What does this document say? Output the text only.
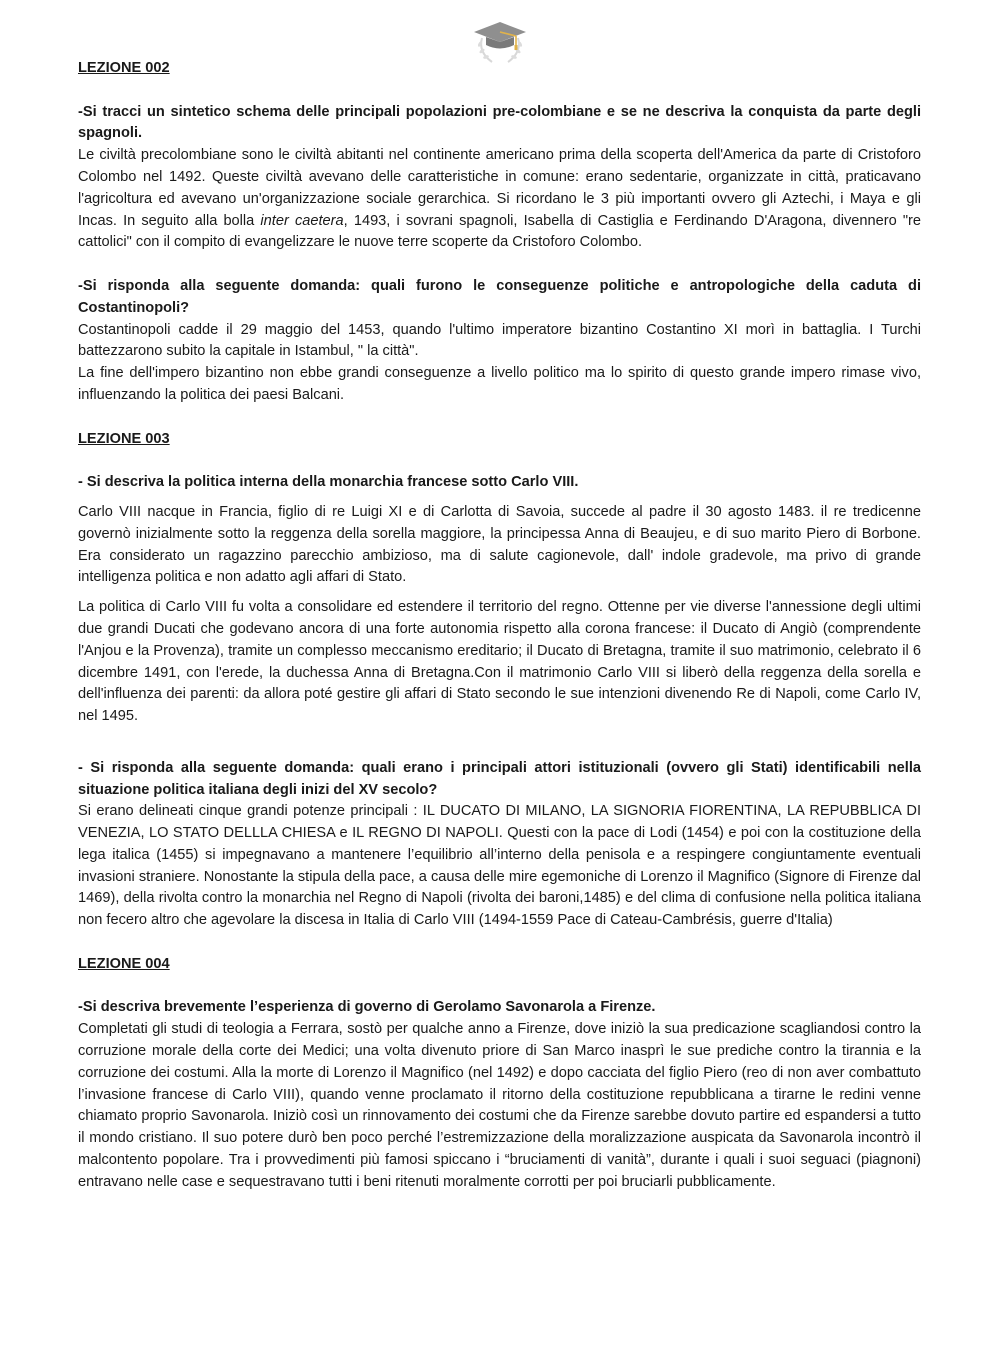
LEZIONE 002

-Si tracci un sintetico schema delle principali popolazioni pre-colombiane e se ne descriva la conquista da parte degli spagnoli.

Le civiltà precolombiane sono le civiltà abitanti nel continente americano prima della scoperta dell'America da parte di Cristoforo Colombo nel 1492. Queste civiltà avevano delle caratteristiche in comune: erano sedentarie, organizzate in città, praticavano l'agricoltura ed avevano un'organizzazione sociale gerarchica. Si ricordano le 3 più importanti ovvero gli Aztechi, i Maya e gli Incas. In seguito alla bolla inter caetera, 1493, i sovrani spagnoli, Isabella di Castiglia e Ferdinando D'Aragona, divennero "re cattolici" con il compito di evangelizzare le nuove terre scoperte da Cristoforo Colombo.

-Si risponda alla seguente domanda: quali furono le conseguenze politiche e antropologiche della caduta di Costantinopoli?

Costantinopoli cadde il 29 maggio del 1453, quando l'ultimo imperatore bizantino Costantino XI morì in battaglia. I Turchi battezzarono subito la capitale in Istambul, " la città".

La fine dell'impero bizantino non ebbe grandi conseguenze a livello politico ma lo spirito di questo grande impero rimase vivo, influenzando la politica dei paesi Balcani.

LEZIONE 003

- Si descriva la politica interna della monarchia francese sotto Carlo VIII.

Carlo VIII nacque in Francia, figlio di re Luigi XI e di Carlotta di Savoia, succede al padre il 30 agosto 1483. il re tredicenne governò inizialmente sotto la reggenza della sorella maggiore, la principessa Anna di Beaujeu, e di suo marito Piero di Borbone. Era considerato un ragazzino parecchio ambizioso, ma di salute cagionevole, dall' indole gradevole, ma privo di grande intelligenza politica e non adatto agli affari di Stato.

La politica di Carlo VIII fu volta a consolidare ed estendere il territorio del regno. Ottenne per vie diverse l'annessione degli ultimi due grandi Ducati che godevano ancora di una forte autonomia rispetto alla corona francese: il Ducato di Angiò (comprendente l'Anjou e la Provenza), tramite un complesso meccanismo ereditario; il Ducato di Bretagna, tramite il suo matrimonio, celebrato il 6 dicembre 1491, con l'erede, la duchessa Anna di Bretagna.Con il matrimonio Carlo VIII si liberò della reggenza della sorella e dell'influenza dei parenti: da allora poté gestire gli affari di Stato secondo le sue intenzioni divenendo Re di Napoli, come Carlo IV, nel 1495.

- Si risponda alla seguente domanda: quali erano i principali attori istituzionali (ovvero gli Stati) identificabili nella situazione politica italiana degli inizi del XV secolo?

Si erano delineati cinque grandi potenze principali : IL DUCATO DI MILANO, LA SIGNORIA FIORENTINA, LA REPUBBLICA DI VENEZIA, LO STATO DELLLA CHIESA e IL REGNO DI NAPOLI. Questi con la pace di Lodi (1454) e poi con la costituzione della lega italica (1455) si impegnavano a mantenere l’equilibrio all’interno della penisola e a respingere congiuntamente eventuali invasioni straniere. Nonostante la stipula della pace, a causa delle mire egemoniche di Lorenzo il Magnifico (Signore di Firenze dal 1469), della rivolta contro la monarchia nel Regno di Napoli (rivolta dei baroni,1485) e del clima di confusione nella politica italiana non fecero altro che agevolare la discesa in Italia di Carlo VIII (1494-1559 Pace di Cateau-Cambrésis, guerre d'Italia)

LEZIONE 004

-Si descriva brevemente l’esperienza di governo di Gerolamo Savonarola a Firenze.

Completati gli studi di teologia a Ferrara, sostò per qualche anno a Firenze, dove iniziò la sua predicazione scagliandosi contro la corruzione morale della corte dei Medici; una volta divenuto priore di San Marco inasprì le sue prediche contro la tirannia e la corruzione dei costumi. Alla la morte di Lorenzo il Magnifico (nel 1492) e dopo cacciata del figlio Piero (reo di non aver combattuto l’invasione francese di Carlo VIII), quando venne proclamato il ritorno della costituzione repubblicana a tirarne le redini venne chiamato proprio Savonarola. Iniziò così un rinnovamento dei costumi che da Firenze sarebbe dovuto partire ed espandersi a tutto il mondo cristiano. Il suo potere durò ben poco perché l’estremizzazione della moralizzazione auspicata da Savonarola incontrò il malcontento popolare. Tra i provvedimenti più famosi spiccano i “bruciamenti di vanità”, durante i quali i suoi seguaci (piagnoni) entravano nelle case e sequestravano tutti i beni ritenuti moralmente corrotti per poi bruciarli pubblicamente.
